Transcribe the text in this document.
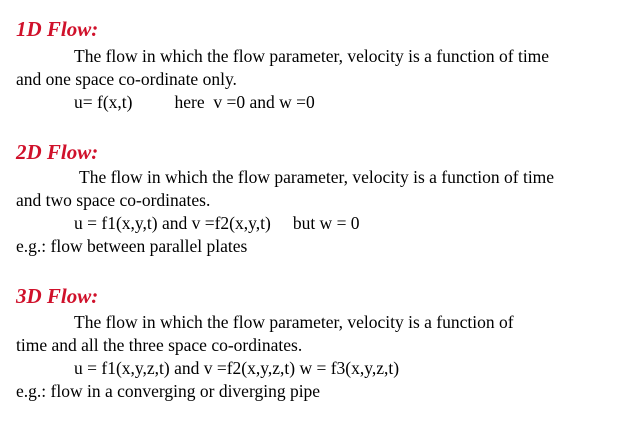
1D Flow:
The flow in which the flow parameter, velocity is a function of time
and one space co-ordinate only.
u= f(x,t) here  v =0 and w =0
2D Flow:
The flow in which the flow parameter, velocity is a function of time
and two space co-ordinates.
u = f1(x,y,t) and v =f2(x,y,t) but w = 0
e.g.: flow between parallel plates
3D Flow:
The flow in which the flow parameter, velocity is a function of
time and all the three space co-ordinates.
u = f1(x,y,z,t) and v =f2(x,y,z,t) w = f3(x,y,z,t)
e.g.: flow in a converging or diverging pipe
